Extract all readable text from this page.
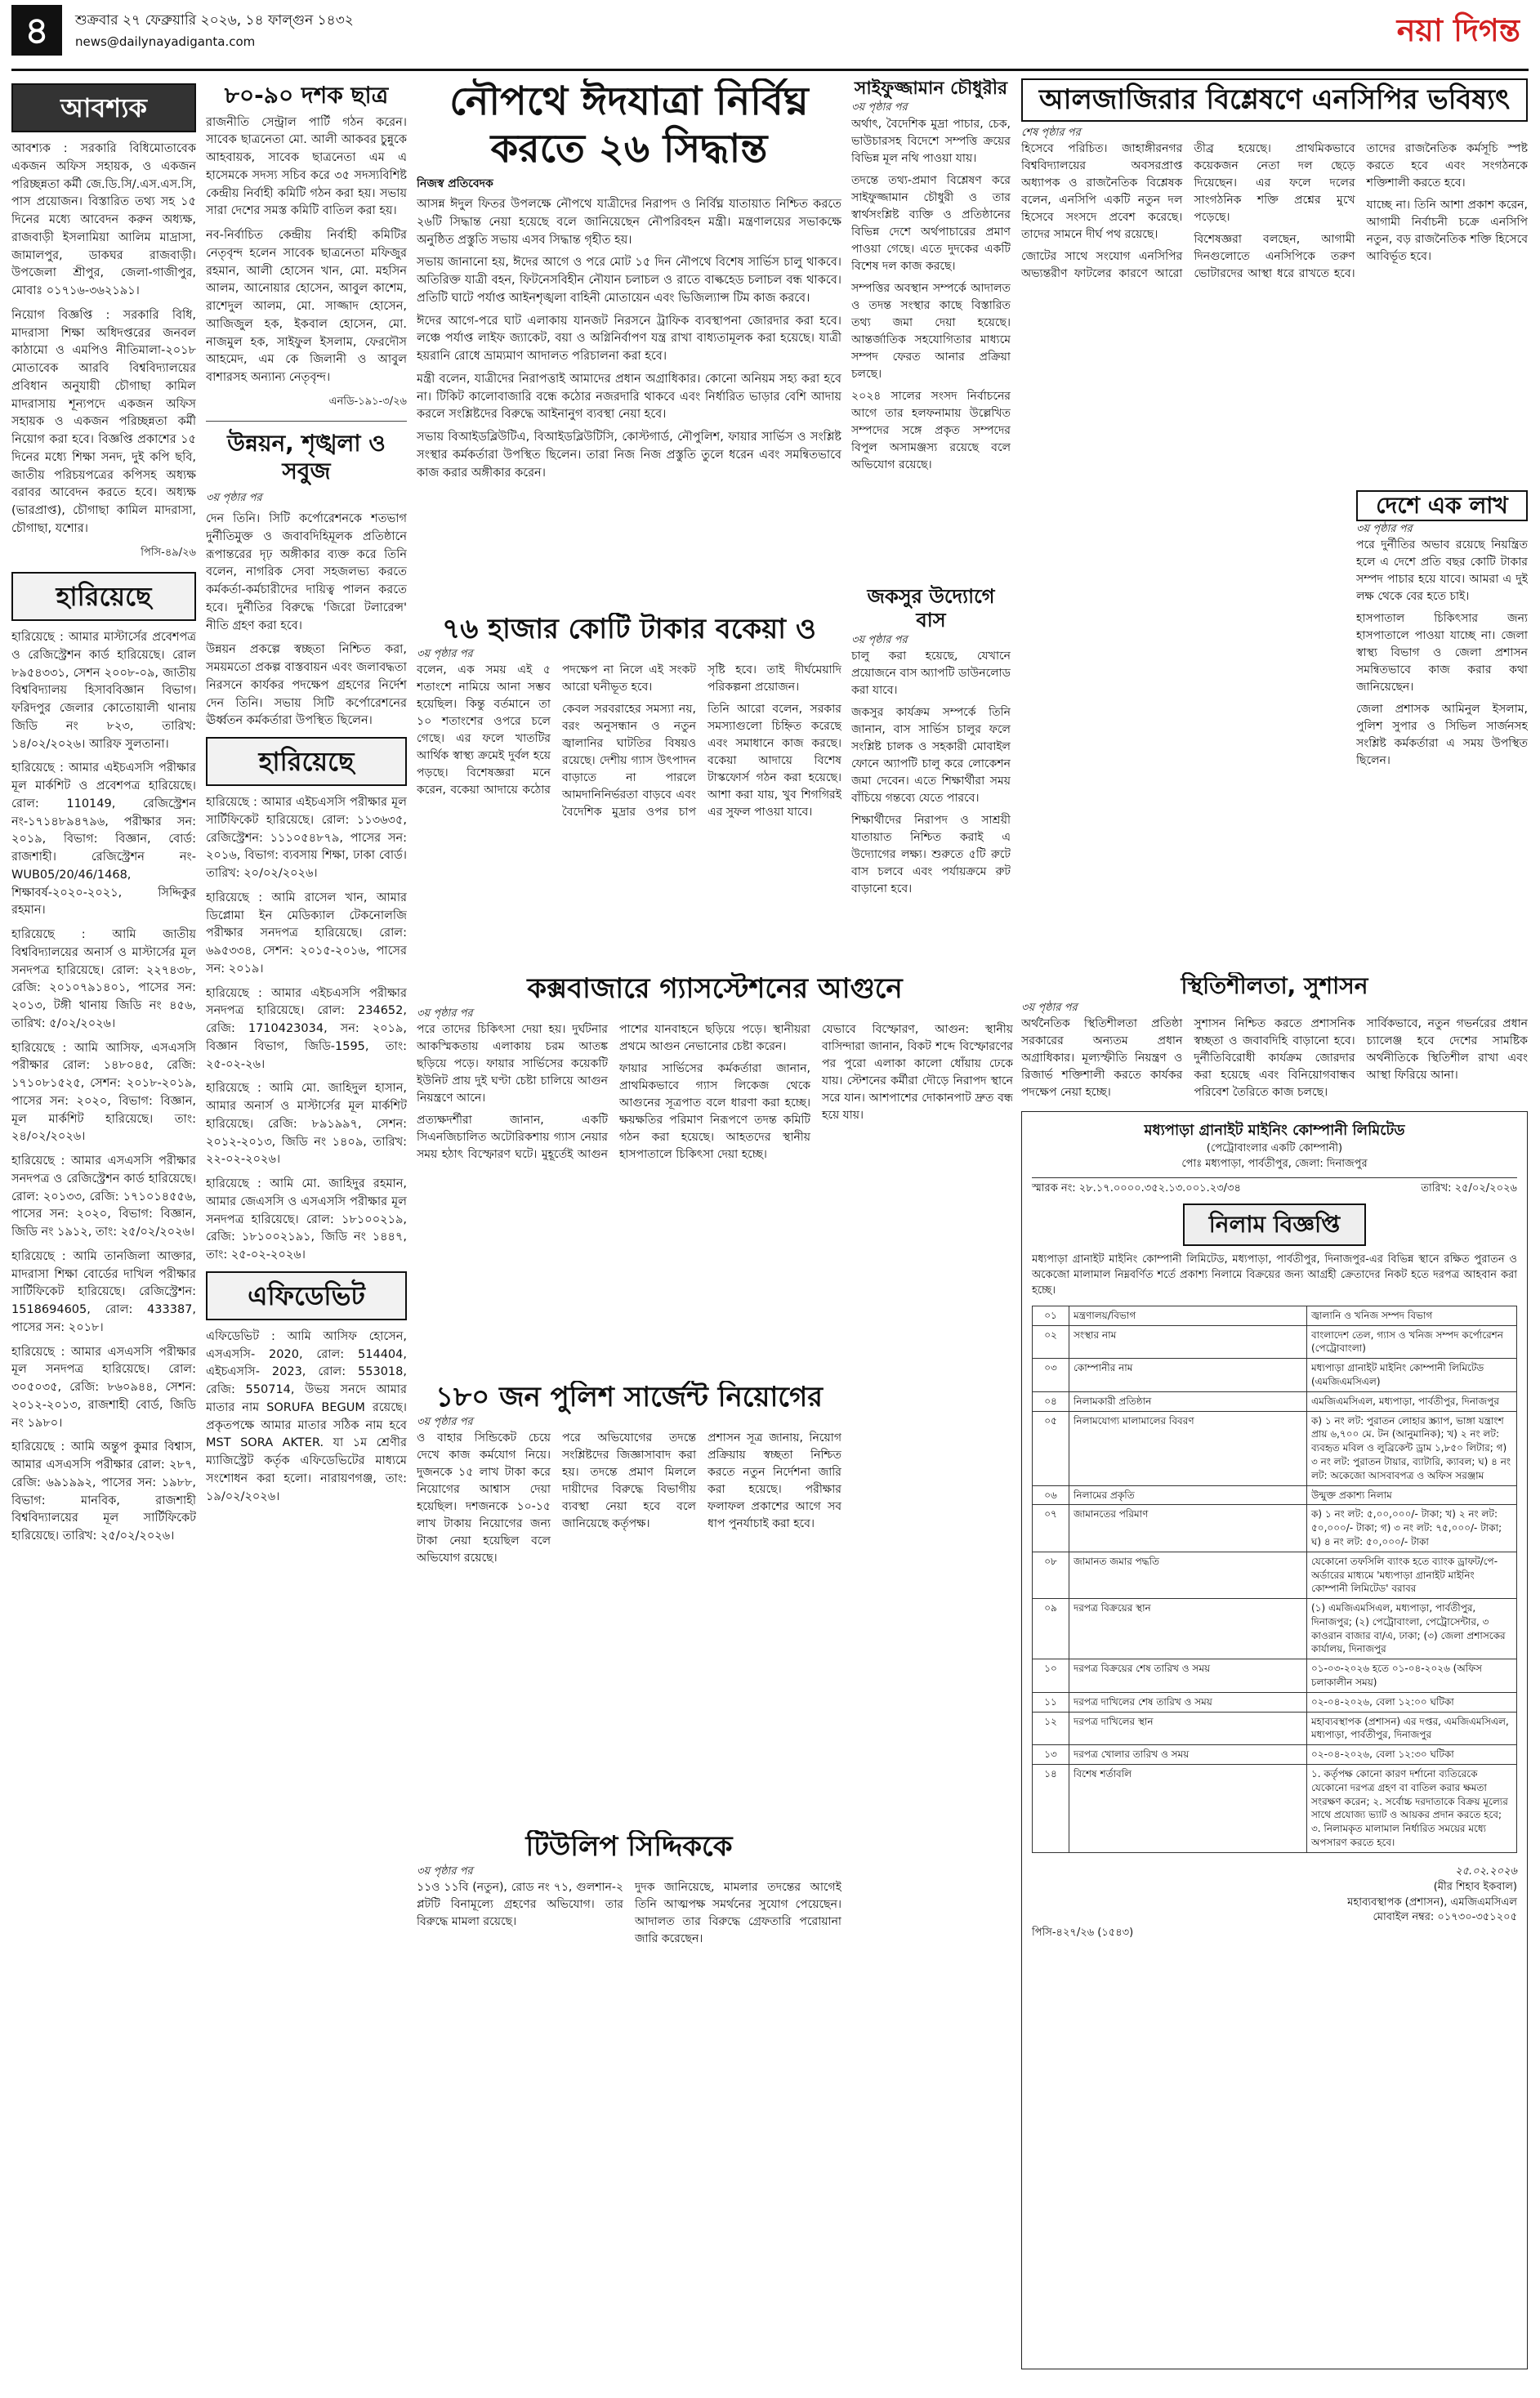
৪	শুক্রবার ২৭ ফেব্রুয়ারি ২০২৬, ১৪ ফাল্গুন ১৪৩২
news@dailynayadiganta.com	নয়া দিগন্ত
আবশ্যক

আবশ্যক : সরকারি বিধিমোতাবেক একজন অফিস সহায়ক, ও একজন পরিচ্ছন্নতা কর্মী জে.ডি.সি/.এস.এস.সি, পাস প্রয়োজন। বিস্তারিত তথ্য সহ ১৫ দিনের মধ্যে আবেদন করুন অধ্যক্ষ, রাজবাড়ী ইসলামিয়া আলিম মাদ্রাসা, জামালপুর, ডাকঘর রাজবাড়ী। উপজেলা শ্রীপুর, জেলা-গাজীপুর, মোবাঃ ০১৭১৬-৩৬২১৯১।

নিয়োগ বিজ্ঞপ্তি : সরকারি বিধি, মাদরাসা শিক্ষা অধিদপ্তরের জনবল কাঠামো ও এমপিও নীতিমালা-২০১৮ মোতাবেক আরবি বিশ্ববিদ্যালয়ের প্রবিধান অনুযায়ী চৌগাছা কামিল মাদরাসায় শূন্যপদে একজন অফিস সহায়ক ও একজন পরিচ্ছন্নতা কর্মী নিয়োগ করা হবে। বিজ্ঞপ্তি প্রকাশের ১৫ দিনের মধ্যে শিক্ষা সনদ, দুই কপি ছবি, জাতীয় পরিচয়পত্রের কপিসহ অধ্যক্ষ বরাবর আবেদন করতে হবে। অধ্যক্ষ (ভারপ্রাপ্ত), চৌগাছা কামিল মাদরাসা, চৌগাছা, যশোর।

পিসি-৪৯/২৬
হারিয়েছে

হারিয়েছে : আমার মাস্টার্সের প্রবেশপত্র ও রেজিস্ট্রেশন কার্ড হারিয়েছে। রোল ৮৯৫৪৩৩১, সেশন ২০০৮-০৯, জাতীয় বিশ্ববিদ্যালয় হিসাববিজ্ঞান বিভাগ। ফরিদপুর জেলার কোতোয়ালী থানায় জিডি নং ৮২৩, তারিখ: ১৪/০২/২০২৬। আরিফ সুলতানা।

হারিয়েছে : আমার এইচএসসি পরীক্ষার মূল মার্কশিট ও প্রবেশপত্র হারিয়েছে। রোল: 110149, রেজিস্ট্রেশন নং-১৭১৪৮৯৪৭৯৬, পরীক্ষার সন: ২০১৯, বিভাগ: বিজ্ঞান, বোর্ড: রাজশাহী। রেজিস্ট্রেশন নং-WUB05/20/46/1468, শিক্ষাবর্ষ-২০২০-২০২১, সিদ্দিকুর রহমান।

হারিয়েছে : আমি জাতীয় বিশ্ববিদ্যালয়ের অনার্স ও মাস্টার্সের মূল সনদপত্র হারিয়েছে। রোল: ২২৭৪৩৮, রেজি: ২০১০৭৯১৪০১, পাসের সন: ২০১৩, টঙ্গী থানায় জিডি নং ৪৫৬, তারিখ: ৫/০২/২০২৬।

হারিয়েছে : আমি আসিফ, এসএসসি পরীক্ষার রোল: ১৪৮০৪৫, রেজি: ১৭১০৮১৫২৫, সেশন: ২০১৮-২০১৯, পাসের সন: ২০২০, বিভাগ: বিজ্ঞান, মূল মার্কশিট হারিয়েছে। তাং: ২৪/০২/২০২৬।

হারিয়েছে : আমার এসএসসি পরীক্ষার সনদপত্র ও রেজিস্ট্রেশন কার্ড হারিয়েছে। রোল: ২০১৩৩, রেজি: ১৭১০১৪৫৫৬, পাসের সন: ২০২০, বিভাগ: বিজ্ঞান, জিডি নং ১৯১২, তাং: ২৫/০২/২০২৬।

হারিয়েছে : আমি তানজিলা আক্তার, মাদরাসা শিক্ষা বোর্ডের দাখিল পরীক্ষার সার্টিফিকেট হারিয়েছে। রেজিস্ট্রেশন: 1518694605, রোল: 433387, পাসের সন: ২০১৮।

হারিয়েছে : আমার এসএসসি পরীক্ষার মূল সনদপত্র হারিয়েছে। রোল: ৩০৫০৩৫, রেজি: ৮৬০৯৪৪, সেশন: ২০১২-২০১৩, রাজশাহী বোর্ড, জিডি নং ১৯৮০।

হারিয়েছে : আমি অন্তুপ কুমার বিশ্বাস, আমার এসএসসি পরীক্ষার রোল: ২৮৭, রেজি: ৬৯১৯৯২, পাসের সন: ১৯৮৮, বিভাগ: মানবিক, রাজশাহী বিশ্ববিদ্যালয়ের মূল সার্টিফিকেট হারিয়েছে। তারিখ: ২৫/০২/২০২৬।

৮০-৯০ দশক ছাত্র

রাজনীতি সেন্ট্রাল পার্টি গঠন করেন। সাবেক ছাত্রনেতা মো. আলী আকবর চুন্নুকে আহবায়ক, সাবেক ছাত্রনেতা এম এ হাসেমকে সদস্য সচিব করে ৩৫ সদস্যবিশিষ্ট কেন্দ্রীয় নির্বাহী কমিটি গঠন করা হয়। সভায় সারা দেশের সমস্ত কমিটি বাতিল করা হয়।

নব-নির্বাচিত কেন্দ্রীয় নির্বাহী কমিটির নেতৃবৃন্দ হলেন সাবেক ছাত্রনেতা মফিজুর রহমান, আলী হোসেন খান, মো. মহসিন আলম, আনোয়ার হোসেন, আবুল কাশেম, রাশেদুল আলম, মো. সাজ্জাদ হোসেন, আজিজুল হক, ইকবাল হোসেন, মো. নাজমুল হক, সাইফুল ইসলাম, ফেরদৌস আহমেদ, এম কে জিলানী ও আবুল বাশারসহ অন্যান্য নেতৃবৃন্দ।

এনডি-১৯১-৩/২৬
উন্নয়ন, শৃঙ্খলা ও সবুজ
৩য় পৃষ্ঠার পর

দেন তিনি। সিটি কর্পোরেশনকে শতভাগ দুর্নীতিমুক্ত ও জবাবদিহিমূলক প্রতিষ্ঠানে রূপান্তরের দৃঢ় অঙ্গীকার ব্যক্ত করে তিনি বলেন, নাগরিক সেবা সহজলভ্য করতে কর্মকর্তা-কর্মচারীদের দায়িত্ব পালন করতে হবে। দুর্নীতির বিরুদ্ধে 'জিরো টলারেন্স' নীতি গ্রহণ করা হবে।

উন্নয়ন প্রকল্পে স্বচ্ছতা নিশ্চিত করা, সময়মতো প্রকল্প বাস্তবায়ন এবং জলাবদ্ধতা নিরসনে কার্যকর পদক্ষেপ গ্রহণের নির্দেশ দেন তিনি। সভায় সিটি কর্পোরেশনের ঊর্ধ্বতন কর্মকর্তারা উপস্থিত ছিলেন।

হারিয়েছে

হারিয়েছে : আমার এইচএসসি পরীক্ষার মূল সার্টিফিকেট হারিয়েছে। রোল: ১১৩৬৩৫, রেজিস্ট্রেশন: ১১১০৫৪৮৭৯, পাসের সন: ২০১৬, বিভাগ: ব্যবসায় শিক্ষা, ঢাকা বোর্ড। তারিখ: ২০/০২/২০২৬।

হারিয়েছে : আমি রাসেল খান, আমার ডিপ্লোমা ইন মেডিক্যাল টেকনোলজি পরীক্ষার সনদপত্র হারিয়েছে। রোল: ৬৯৫৩৩৪, সেশন: ২০১৫-২০১৬, পাসের সন: ২০১৯।

হারিয়েছে : আমার এইচএসসি পরীক্ষার সনদপত্র হারিয়েছে। রোল: 234652, রেজি: 1710423034, সন: ২০১৯, বিজ্ঞান বিভাগ, জিডি-1595, তাং: ২৫-০২-২৬।

হারিয়েছে : আমি মো. জাহিদুল হাসান, আমার অনার্স ও মাস্টার্সের মূল মার্কশিট হারিয়েছে। রেজি: ৮৯১৯৯৭, সেশন: ২০১২-২০১৩, জিডি নং ১৪০৯, তারিখ: ২২-০২-২০২৬।

হারিয়েছে : আমি মো. জাহিদুর রহমান, আমার জেএসসি ও এসএসসি পরীক্ষার মূল সনদপত্র হারিয়েছে। রোল: ১৮১০০২১৯, রেজি: ১৮১০০২১৯১, জিডি নং ১৪৪৭, তাং: ২৫-০২-২০২৬।

এফিডেভিট

এফিডেভিট : আমি আসিফ হোসেন, এসএসসি- 2020, রোল: 514404, এইচএসসি- 2023, রোল: 553018, রেজি: 550714, উভয় সনদে আমার মাতার নাম SORUFA BEGUM রয়েছে। প্রকৃতপক্ষে আমার মাতার সঠিক নাম হবে MST SORA AKTER. যা ১ম শ্রেণীর ম্যাজিস্ট্রেট কর্তৃক এফিডেভিটের মাধ্যমে সংশোধন করা হলো। নারায়ণগঞ্জ, তাং: ১৯/০২/২০২৬।

নৌপথে ঈদযাত্রা নির্বিঘ্ন করতে ২৬ সিদ্ধান্ত
নিজস্ব প্রতিবেদক

আসন্ন ঈদুল ফিতর উপলক্ষে নৌপথে যাত্রীদের নিরাপদ ও নির্বিঘ্ন যাতায়াত নিশ্চিত করতে ২৬টি সিদ্ধান্ত নেয়া হয়েছে বলে জানিয়েছেন নৌপরিবহন মন্ত্রী। মন্ত্রণালয়ের সভাকক্ষে অনুষ্ঠিত প্রস্তুতি সভায় এসব সিদ্ধান্ত গৃহীত হয়।

সভায় জানানো হয়, ঈদের আগে ও পরে মোট ১৫ দিন নৌপথে বিশেষ সার্ভিস চালু থাকবে। অতিরিক্ত যাত্রী বহন, ফিটনেসবিহীন নৌযান চলাচল ও রাতে বাল্কহেড চলাচল বন্ধ থাকবে। প্রতিটি ঘাটে পর্যাপ্ত আইনশৃঙ্খলা বাহিনী মোতায়েন এবং ভিজিল্যান্স টিম কাজ করবে।

ঈদের আগে-পরে ঘাট এলাকায় যানজট নিরসনে ট্রাফিক ব্যবস্থাপনা জোরদার করা হবে। লঞ্চে পর্যাপ্ত লাইফ জ্যাকেট, বয়া ও অগ্নিনির্বাপণ যন্ত্র রাখা বাধ্যতামূলক করা হয়েছে। যাত্রী হয়রানি রোধে ভ্রাম্যমাণ আদালত পরিচালনা করা হবে।

মন্ত্রী বলেন, যাত্রীদের নিরাপত্তাই আমাদের প্রধান অগ্রাধিকার। কোনো অনিয়ম সহ্য করা হবে না। টিকিট কালোবাজারি বন্ধে কঠোর নজরদারি থাকবে এবং নির্ধারিত ভাড়ার বেশি আদায় করলে সংশ্লিষ্টদের বিরুদ্ধে আইনানুগ ব্যবস্থা নেয়া হবে।

সভায় বিআইডব্লিউটিএ, বিআইডব্লিউটিসি, কোস্টগার্ড, নৌপুলিশ, ফায়ার সার্ভিস ও সংশ্লিষ্ট সংস্থার কর্মকর্তারা উপস্থিত ছিলেন। তারা নিজ নিজ প্রস্তুতি তুলে ধরেন এবং সমন্বিতভাবে কাজ করার অঙ্গীকার করেন।

সাইফুজ্জামান চৌধুরীর
৩য় পৃষ্ঠার পর

অর্থাৎ, বৈদেশিক মুদ্রা পাচার, চেক, ভাউচারসহ বিদেশে সম্পত্তি ক্রয়ের বিভিন্ন মূল নথি পাওয়া যায়।

তদন্তে তথ্য-প্রমাণ বিশ্লেষণ করে সাইফুজ্জামান চৌধুরী ও তার স্বার্থসংশ্লিষ্ট ব্যক্তি ও প্রতিষ্ঠানের বিভিন্ন দেশে অর্থপাচারের প্রমাণ পাওয়া গেছে। এতে দুদকের একটি বিশেষ দল কাজ করছে।

সম্পত্তির অবস্থান সম্পর্কে আদালত ও তদন্ত সংস্থার কাছে বিস্তারিত তথ্য জমা দেয়া হয়েছে। আন্তর্জাতিক সহযোগিতার মাধ্যমে সম্পদ ফেরত আনার প্রক্রিয়া চলছে।

২০২৪ সালের সংসদ নির্বাচনের আগে তার হলফনামায় উল্লেখিত সম্পদের সঙ্গে প্রকৃত সম্পদের বিপুল অসামঞ্জস্য রয়েছে বলে অভিযোগ রয়েছে।

জকসুর উদ্যোগে বাস
৩য় পৃষ্ঠার পর

চালু করা হয়েছে, যেখানে প্রয়োজনে বাস অ্যাপটি ডাউনলোড করা যাবে।

জকসুর কার্যক্রম সম্পর্কে তিনি জানান, বাস সার্ভিস চালুর ফলে সংশ্লিষ্ট চালক ও সহকারী মোবাইল ফোনে অ্যাপটি চালু করে লোকেশন জমা দেবেন। এতে শিক্ষার্থীরা সময় বাঁচিয়ে গন্তব্যে যেতে পারবে।

শিক্ষার্থীদের নিরাপদ ও সাশ্রয়ী যাতায়াত নিশ্চিত করাই এ উদ্যোগের লক্ষ্য। শুরুতে ৫টি রুটে বাস চলবে এবং পর্যায়ক্রমে রুট বাড়ানো হবে।

আলজাজিরার বিশ্লেষণে এনসিপির ভবিষ্যৎ
শেষ পৃষ্ঠার পর

হিসেবে পরিচিত। জাহাঙ্গীরনগর বিশ্ববিদ্যালয়ের অবসরপ্রাপ্ত অধ্যাপক ও রাজনৈতিক বিশ্লেষক বলেন, এনসিপি একটি নতুন দল হিসেবে সংসদে প্রবেশ করেছে। তাদের সামনে দীর্ঘ পথ রয়েছে।

জোটের সাথে সংযোগ এনসিপির অভ্যন্তরীণ ফাটলের কারণে আরো তীব্র হয়েছে। প্রাথমিকভাবে কয়েকজন নেতা দল ছেড়ে দিয়েছেন। এর ফলে দলের সাংগঠনিক শক্তি প্রশ্নের মুখে পড়েছে।

বিশেষজ্ঞরা বলছেন, আগামী দিনগুলোতে এনসিপিকে তরুণ ভোটারদের আস্থা ধরে রাখতে হবে। তাদের রাজনৈতিক কর্মসূচি স্পষ্ট করতে হবে এবং সংগঠনকে শক্তিশালী করতে হবে।

যাচ্ছে না। তিনি আশা প্রকাশ করেন, আগামী নির্বাচনী চক্রে এনসিপি নতুন, বড় রাজনৈতিক শক্তি হিসেবে আবির্ভূত হবে।

দেশে এক লাখ
৩য় পৃষ্ঠার পর

পরে দুর্নীতির অভাব রয়েছে নিয়ন্ত্রিত হলে এ দেশে প্রতি বছর কোটি টাকার সম্পদ পাচার হয়ে যাবে। আমরা এ দুই লক্ষ থেকে বের হতে চাই।

হাসপাতাল চিকিৎসার জন্য হাসপাতালে পাওয়া যাচ্ছে না। জেলা স্বাস্থ্য বিভাগ ও জেলা প্রশাসন সমন্বিতভাবে কাজ করার কথা জানিয়েছেন।

জেলা প্রশাসক আমিনুল ইসলাম, পুলিশ সুপার ও সিভিল সার্জনসহ সংশ্লিষ্ট কর্মকর্তারা এ সময় উপস্থিত ছিলেন।

৭৬ হাজার কোটি টাকার বকেয়া ও
৩য় পৃষ্ঠার পর

বলেন, এক সময় এই ৫ শতাংশে নামিয়ে আনা সম্ভব হয়েছিল। কিন্তু বর্তমানে তা ১০ শতাংশের ওপরে চলে গেছে। এর ফলে খাতটির আর্থিক স্বাস্থ্য ক্রমেই দুর্বল হয়ে পড়ছে। বিশেষজ্ঞরা মনে করেন, বকেয়া আদায়ে কঠোর পদক্ষেপ না নিলে এই সংকট আরো ঘনীভূত হবে।

কেবল সরবরাহের সমস্যা নয়, বরং অনুসন্ধান ও নতুন জ্বালানির ঘাটতির বিষয়ও রয়েছে। দেশীয় গ্যাস উৎপাদন বাড়াতে না পারলে আমদানিনির্ভরতা বাড়বে এবং বৈদেশিক মুদ্রার ওপর চাপ সৃষ্টি হবে। তাই দীর্ঘমেয়াদি পরিকল্পনা প্রয়োজন।

তিনি আরো বলেন, সরকার সমস্যাগুলো চিহ্নিত করেছে এবং সমাধানে কাজ করছে। বকেয়া আদায়ে বিশেষ টাস্কফোর্স গঠন করা হয়েছে। আশা করা যায়, খুব শিগগিরই এর সুফল পাওয়া যাবে।

কক্সবাজারে গ্যাসস্টেশনের আগুনে
৩য় পৃষ্ঠার পর

পরে তাদের চিকিৎসা দেয়া হয়। দুর্ঘটনার আকস্মিকতায় এলাকায় চরম আতঙ্ক ছড়িয়ে পড়ে। ফায়ার সার্ভিসের কয়েকটি ইউনিট প্রায় দুই ঘণ্টা চেষ্টা চালিয়ে আগুন নিয়ন্ত্রণে আনে।

প্রত্যক্ষদর্শীরা জানান, একটি সিএনজিচালিত অটোরিকশায় গ্যাস নেয়ার সময় হঠাৎ বিস্ফোরণ ঘটে। মুহূর্তেই আগুন পাশের যানবাহনে ছড়িয়ে পড়ে। স্থানীয়রা প্রথমে আগুন নেভানোর চেষ্টা করেন।

ফায়ার সার্ভিসের কর্মকর্তারা জানান, প্রাথমিকভাবে গ্যাস লিকেজ থেকে আগুনের সূত্রপাত বলে ধারণা করা হচ্ছে। ক্ষয়ক্ষতির পরিমাণ নিরূপণে তদন্ত কমিটি গঠন করা হয়েছে। আহতদের স্থানীয় হাসপাতালে চিকিৎসা দেয়া হচ্ছে।

যেভাবে বিস্ফোরণ, আগুন: স্থানীয় বাসিন্দারা জানান, বিকট শব্দে বিস্ফোরণের পর পুরো এলাকা কালো ধোঁয়ায় ঢেকে যায়। স্টেশনের কর্মীরা দৌড়ে নিরাপদ স্থানে সরে যান। আশপাশের দোকানপাট দ্রুত বন্ধ হয়ে যায়।

স্থিতিশীলতা, সুশাসন
৩য় পৃষ্ঠার পর

অর্থনৈতিক স্থিতিশীলতা প্রতিষ্ঠা সরকারের অন্যতম প্রধান অগ্রাধিকার। মূল্যস্ফীতি নিয়ন্ত্রণ ও রিজার্ভ শক্তিশালী করতে কার্যকর পদক্ষেপ নেয়া হচ্ছে।

সুশাসন নিশ্চিত করতে প্রশাসনিক স্বচ্ছতা ও জবাবদিহি বাড়ানো হবে। দুর্নীতিবিরোধী কার্যক্রম জোরদার করা হয়েছে এবং বিনিয়োগবান্ধব পরিবেশ তৈরিতে কাজ চলছে।

সার্বিকভাবে, নতুন গভর্নরের প্রধান চ্যালেঞ্জ হবে দেশের সামষ্টিক অর্থনীতিকে স্থিতিশীল রাখা এবং আস্থা ফিরিয়ে আনা।

১৮০ জন পুলিশ সার্জেন্ট নিয়োগের
৩য় পৃষ্ঠার পর

ও বাহার সিন্ডিকেট চেয়ে দেখে কাজ কর্মযোগ নিয়ে। দুজনকে ১৫ লাখ টাকা করে নিয়োগের আশ্বাস দেয়া হয়েছিল। দশজনকে ১০-১৫ লাখ টাকায় নিয়োগের জন্য টাকা নেয়া হয়েছিল বলে অভিযোগ রয়েছে।

পরে অভিযোগের তদন্তে সংশ্লিষ্টদের জিজ্ঞাসাবাদ করা হয়। তদন্তে প্রমাণ মিললে দায়ীদের বিরুদ্ধে বিভাগীয় ব্যবস্থা নেয়া হবে বলে জানিয়েছে কর্তৃপক্ষ।

প্রশাসন সূত্র জানায়, নিয়োগ প্রক্রিয়ায় স্বচ্ছতা নিশ্চিত করতে নতুন নির্দেশনা জারি করা হয়েছে। পরীক্ষার ফলাফল প্রকাশের আগে সব ধাপ পুনর্যাচাই করা হবে।

টিউলিপ সিদ্দিককে
৩য় পৃষ্ঠার পর

১১ও ১১বি (নতুন), রোড নং ৭১, গুলশান-২ প্লটটি বিনামূল্যে গ্রহণের অভিযোগ। তার বিরুদ্ধে মামলা রয়েছে।

দুদক জানিয়েছে, মামলার তদন্তের আগেই তিনি আত্মপক্ষ সমর্থনের সুযোগ পেয়েছেন। আদালত তার বিরুদ্ধে গ্রেফতারি পরোয়ানা জারি করেছেন।

মধ্যপাড়া গ্রানাইট মাইনিং কোম্পানী লিমিটেড
(পেট্রোবাংলার একটি কোম্পানী)
পোঃ মধ্যপাড়া, পার্বতীপুর, জেলা: দিনাজপুর
স্মারক নং: ২৮.১৭.০০০০.৩৫২.১৩.০০১.২৩/৩৪	তারিখ: ২৫/০২/২০২৬
নিলাম বিজ্ঞপ্তি

মধ্যপাড়া গ্রানাইট মাইনিং কোম্পানী লিমিটেড, মধ্যপাড়া, পার্বতীপুর, দিনাজপুর-এর বিভিন্ন স্থানে রক্ষিত পুরাতন ও অকেজো মালামাল নিম্নবর্ণিত শর্তে প্রকাশ্য নিলামে বিক্রয়ের জন্য আগ্রহী ক্রেতাদের নিকট হতে দরপত্র আহবান করা হচ্ছে।

০১	মন্ত্রণালয়/বিভাগ	জ্বালানি ও খনিজ সম্পদ বিভাগ
০২	সংস্থার নাম	বাংলাদেশ তেল, গ্যাস ও খনিজ সম্পদ কর্পোরেশন (পেট্রোবাংলা)
০৩	কোম্পানীর নাম	মধ্যপাড়া গ্রানাইট মাইনিং কোম্পানী লিমিটেড (এমজিএমসিএল)
০৪	নিলামকারী প্রতিষ্ঠান	এমজিএমসিএল, মধ্যপাড়া, পার্বতীপুর, দিনাজপুর
০৫	নিলামযোগ্য মালামালের বিবরণ	ক) ১ নং লট: পুরাতন লোহার স্ক্র্যাপ, ভাঙ্গা যন্ত্রাংশ প্রায় ৬,৭০০ মে. টন (আনুমানিক); খ) ২ নং লট: ব্যবহৃত মবিল ও লুব্রিকেন্ট ড্রাম ১,৮৫০ লিটার; গ) ৩ নং লট: পুরাতন টায়ার, ব্যাটারি, ক্যাবল; ঘ) ৪ নং লট: অকেজো আসবাবপত্র ও অফিস সরঞ্জাম
০৬	নিলামের প্রকৃতি	উন্মুক্ত প্রকাশ্য নিলাম
০৭	জামানতের পরিমাণ	ক) ১ নং লট: ৫,০০,০০০/- টাকা; খ) ২ নং লট: ৫০,০০০/- টাকা; গ) ৩ নং লট: ৭৫,০০০/- টাকা; ঘ) ৪ নং লট: ৫০,০০০/- টাকা
০৮	জামানত জমার পদ্ধতি	যেকোনো তফসিলি ব্যাংক হতে ব্যাংক ড্রাফট/পে-অর্ডারের মাধ্যমে 'মধ্যপাড়া গ্রানাইট মাইনিং কোম্পানী লিমিটেড' বরাবর
০৯	দরপত্র বিক্রয়ের স্থান	(১) এমজিএমসিএল, মধ্যপাড়া, পার্বতীপুর, দিনাজপুর; (২) পেট্রোবাংলা, পেট্রোসেন্টার, ৩ কাওরান বাজার বা/এ, ঢাকা; (৩) জেলা প্রশাসকের কার্যালয়, দিনাজপুর
১০	দরপত্র বিক্রয়ের শেষ তারিখ ও সময়	০১-০৩-২০২৬ হতে ০১-০৪-২০২৬ (অফিস চলাকালীন সময়)
১১	দরপত্র দাখিলের শেষ তারিখ ও সময়	০২-০৪-২০২৬, বেলা ১২:০০ ঘটিকা
১২	দরপত্র দাখিলের স্থান	মহাব্যবস্থাপক (প্রশাসন) এর দপ্তর, এমজিএমসিএল, মধ্যপাড়া, পার্বতীপুর, দিনাজপুর
১৩	দরপত্র খোলার তারিখ ও সময়	০২-০৪-২০২৬, বেলা ১২:৩০ ঘটিকা
১৪	বিশেষ শর্তাবলি	১. কর্তৃপক্ষ কোনো কারণ দর্শানো ব্যতিরেকে যেকোনো দরপত্র গ্রহণ বা বাতিল করার ক্ষমতা সংরক্ষণ করেন; ২. সর্বোচ্চ দরদাতাকে বিক্রয় মূল্যের সাথে প্রযোজ্য ভ্যাট ও আয়কর প্রদান করতে হবে; ৩. নিলামকৃত মালামাল নির্ধারিত সময়ের মধ্যে অপসারণ করতে হবে।
২৫.০২.২০২৬
(মীর শিহাব ইকবাল)
মহাব্যবস্থাপক (প্রশাসন), এমজিএমসিএল
মোবাইল নম্বর: ০১৭৩০-৩৫১২০৫
পিসি-৪২৭/২৬ (১৫৪৩)
